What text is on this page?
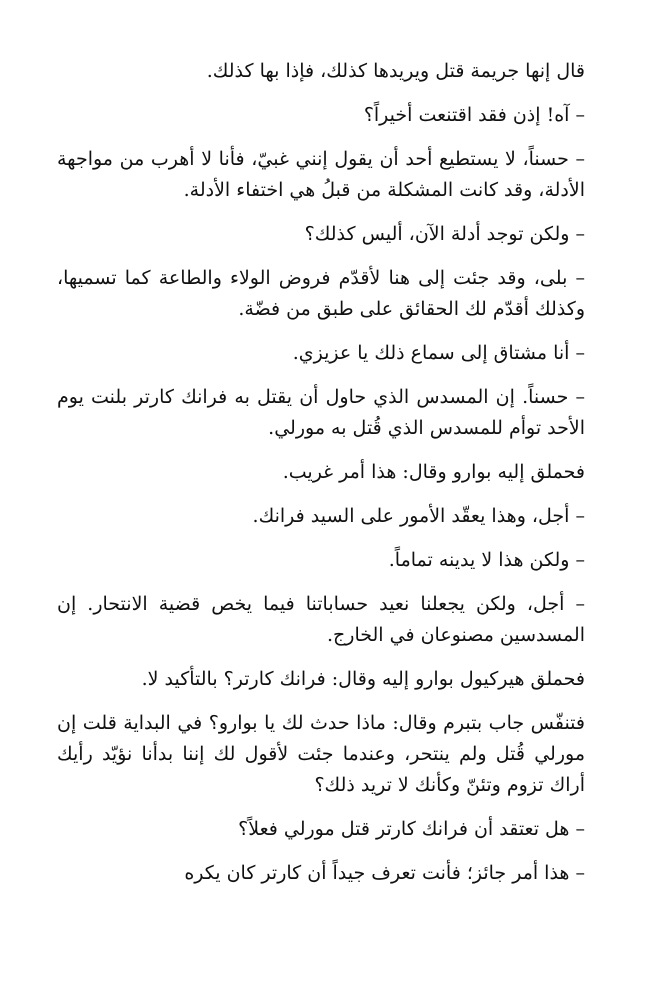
قال إنها جريمة قتل ويريدها كذلك، فإذا بها كذلك.

– آه! إذن فقد اقتنعت أخيراً؟

– حسناً، لا يستطيع أحد أن يقول إنني غبيّ، فأنا لا أهرب من مواجهة الأدلة، وقد كانت المشكلة من قبلُ هي اختفاء الأدلة.

– ولكن توجد أدلة الآن، أليس كذلك؟

– بلى، وقد جئت إلى هنا لأقدّم فروض الولاء والطاعة كما تسميها، وكذلك أقدّم لك الحقائق على طبق من فضّة.

– أنا مشتاق إلى سماع ذلك يا عزيزي.

– حسناً. إن المسدس الذي حاول أن يقتل به فرانك كارتر بلنت يوم الأحد توأم للمسدس الذي قُتل به مورلي.

فحملق إليه بوارو وقال: هذا أمر غريب.

– أجل، وهذا يعقّد الأمور على السيد فرانك.

– ولكن هذا لا يدينه تماماً.

– أجل، ولكن يجعلنا نعيد حساباتنا فيما يخص قضية الانتحار. إن المسدسين مصنوعان في الخارج.

فحملق هيركيول بوارو إليه وقال: فرانك كارتر؟ بالتأكيد لا.

فتنفّس جاب بتبرم وقال: ماذا حدث لك يا بوارو؟ في البداية قلت إن مورلي قُتل ولم ينتحر، وعندما جئت لأقول لك إننا بدأنا نؤيّد رأيك أراك تزوم وتئنّ وكأنك لا تريد ذلك؟

– هل تعتقد أن فرانك كارتر قتل مورلي فعلاً؟

– هذا أمر جائز؛ فأنت تعرف جيداً أن كارتر كان يكره
